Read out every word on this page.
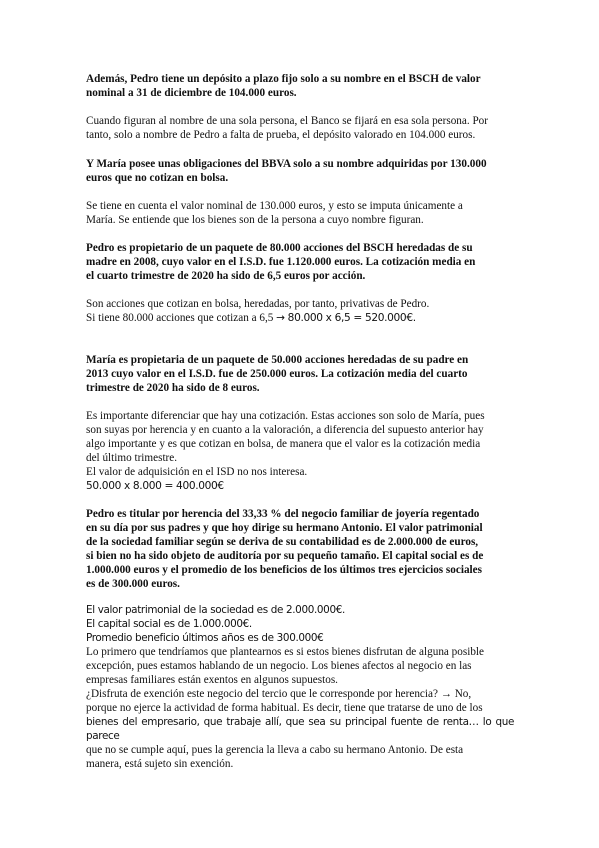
Además, Pedro tiene un depósito a plazo fijo solo a su nombre en el BSCH de valor

nominal a 31 de diciembre de 104.000 euros.

Cuando figuran al nombre de una sola persona, el Banco se fijará en esa sola persona. Por

tanto, solo a nombre de Pedro a falta de prueba, el depósito valorado en 104.000 euros.

Y María posee unas obligaciones del BBVA solo a su nombre adquiridas por 130.000

euros que no cotizan en bolsa.

Se tiene en cuenta el valor nominal de 130.000 euros, y esto se imputa únicamente a

María. Se entiende que los bienes son de la persona a cuyo nombre figuran.

Pedro es propietario de un paquete de 80.000 acciones del BSCH heredadas de su

madre en 2008, cuyo valor en el I.S.D. fue 1.120.000 euros. La cotización media en

el cuarto trimestre de 2020 ha sido de 6,5 euros por acción.

Son acciones que cotizan en bolsa, heredadas, por tanto, privativas de Pedro.

Si tiene 80.000 acciones que cotizan a 6,5 → 80.000 x 6,5 = 520.000€.

María es propietaria de un paquete de 50.000 acciones heredadas de su padre en

2013 cuyo valor en el I.S.D. fue de 250.000 euros. La cotización media del cuarto

trimestre de 2020 ha sido de 8 euros.

Es importante diferenciar que hay una cotización. Estas acciones son solo de María, pues

son suyas por herencia y en cuanto a la valoración, a diferencia del supuesto anterior hay

algo importante y es que cotizan en bolsa, de manera que el valor es la cotización media

del último trimestre.

El valor de adquisición en el ISD no nos interesa.

50.000 x 8.000 = 400.000€

Pedro es titular por herencia del 33,33 % del negocio familiar de joyería regentado

en su día por sus padres y que hoy dirige su hermano Antonio. El valor patrimonial

de la sociedad familiar según se deriva de su contabilidad es de 2.000.000 de euros,

si bien no ha sido objeto de auditoría por su pequeño tamaño. El capital social es de

1.000.000 euros y el promedio de los beneficios de los últimos tres ejercicios sociales

es de 300.000 euros.

El valor patrimonial de la sociedad es de 2.000.000€.

El capital social es de 1.000.000€.

Promedio beneficio últimos años es de 300.000€

Lo primero que tendríamos que plantearnos es si estos bienes disfrutan de alguna posible

excepción, pues estamos hablando de un negocio. Los bienes afectos al negocio en las

empresas familiares están exentos en algunos supuestos.

¿Disfruta de exención este negocio del tercio que le corresponde por herencia? → No,

porque no ejerce la actividad de forma habitual. Es decir, tiene que tratarse de uno de los

bienes del empresario, que trabaje allí, que sea su principal fuente de renta… lo que parece

que no se cumple aquí, pues la gerencia la lleva a cabo su hermano Antonio. De esta

manera, está sujeto sin exención.
